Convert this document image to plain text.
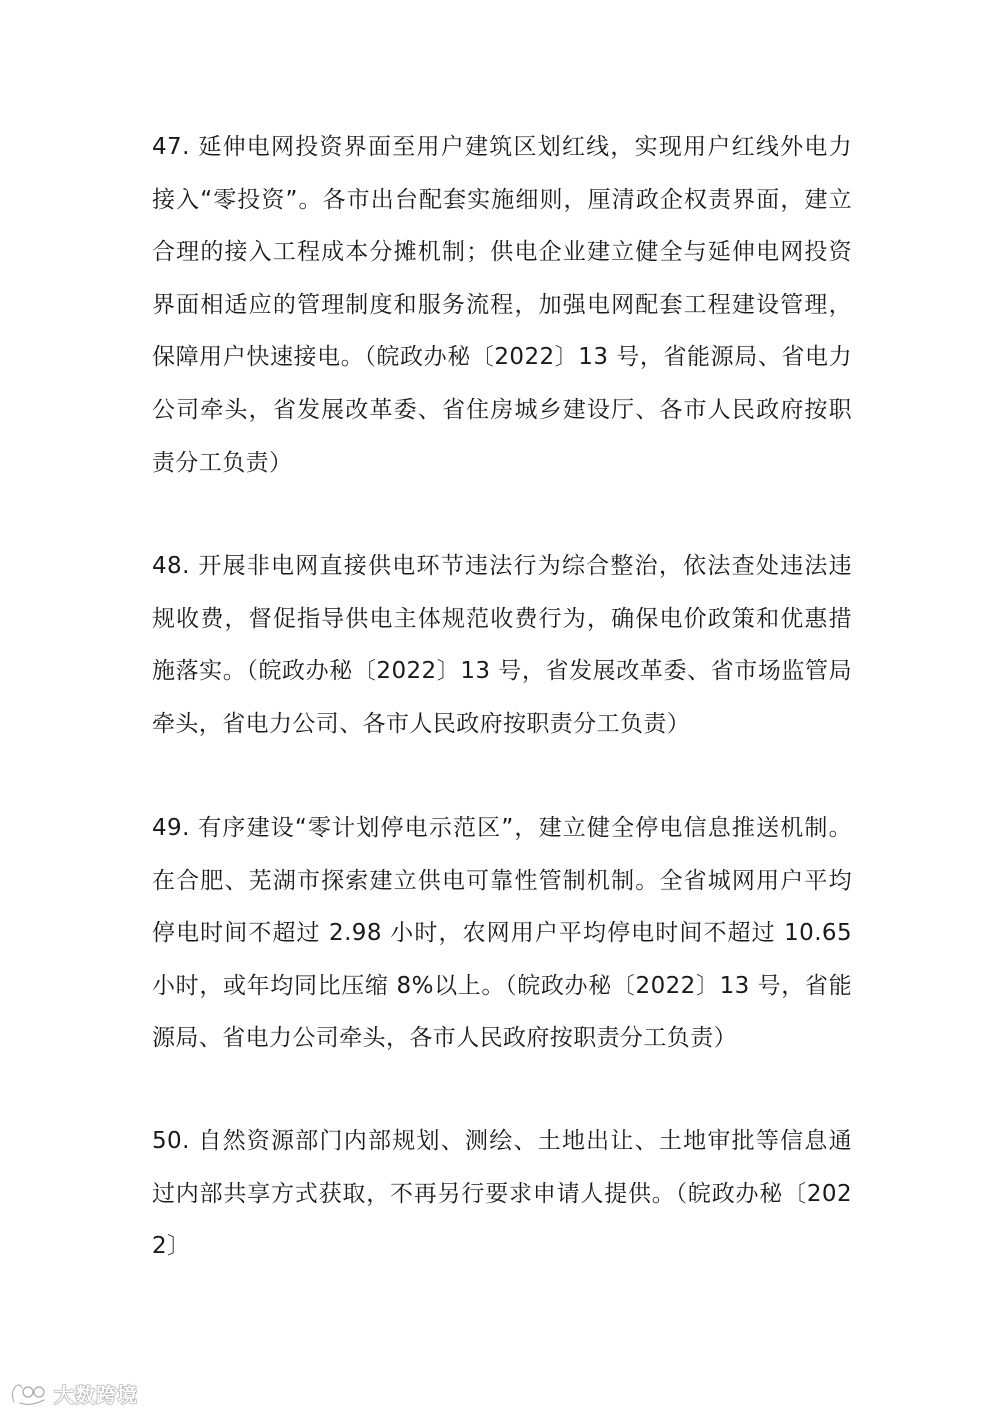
47. 延伸电网投资界面至用户建筑区划红线，实现用户红线外电力接入“零投资”。各市出台配套实施细则，厘清政企权责界面，建立合理的接入工程成本分摊机制；供电企业建立健全与延伸电网投资界面相适应的管理制度和服务流程，加强电网配套工程建设管理，保障用户快速接电。（皖政办秘〔2022〕13 号，省能源局、省电力公司牵头，省发展改革委、省住房城乡建设厅、各市人民政府按职责分工负责）

48. 开展非电网直接供电环节违法行为综合整治，依法查处违法违规收费，督促指导供电主体规范收费行为，确保电价政策和优惠措施落实。（皖政办秘〔2022〕13 号，省发展改革委、省市场监管局牵头，省电力公司、各市人民政府按职责分工负责）

49. 有序建设“零计划停电示范区”，建立健全停电信息推送机制。在合肥、芜湖市探索建立供电可靠性管制机制。全省城网用户平均停电时间不超过 2.98 小时，农网用户平均停电时间不超过 10.65 小时，或年均同比压缩 8%以上。（皖政办秘〔2022〕13 号，省能源局、省电力公司牵头，各市人民政府按职责分工负责）

50. 自然资源部门内部规划、测绘、土地出让、土地审批等信息通过内部共享方式获取，不再另行要求申请人提供。（皖政办秘〔2022〕

大数跨境
